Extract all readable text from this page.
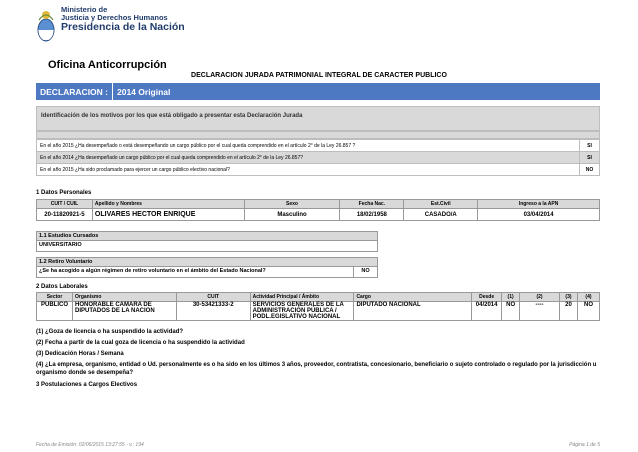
Ministerio de
Justicia y Derechos Humanos
Presidencia de la Nación
Oficina Anticorrupción
DECLARACION JURADA PATRIMONIAL INTEGRAL DE CARACTER PUBLICO
DECLARACION :	2014 Original
Identificación de los motivos por los que está obligado a presentar esta Declaración Jurada
En el año 2015 ¿Ha desempeñado o está desempeñando un cargo público por el cual queda comprendido en el artículo 2° de la Ley 26.857 ?	SI
En el año 2014 ¿Ha desempeñado un cargo público por el cual queda comprendido en el artículo 2° de la Ley 26.857?	SI
En el año 2015 ¿Ha sido proclamado para ejercer un cargo público electivo nacional?	NO
1 Datos Personales
CUIT / CUIL	Apellido y Nombres	Sexo	Fecha Nac.	Est.Civil	Ingreso a la APN
20-11820921-5	OLIVARES HECTOR ENRIQUE	Masculino	18/02/1958	CASADO/A	03/04/2014
1.1 Estudios Cursados
UNIVERSITARIO
1.2 Retiro Voluntario
¿Se ha acogido a algún régimen de retiro voluntario en el ámbito del Estado Nacional?	NO
2 Datos Laborales
Sector	Organismo	CUIT	Actividad Principal / Ámbito	Cargo	Desde	(1)	(2)	(3)	(4)
PUBLICO	HONORABLE CAMARA DE DIPUTADOS DE LA NACION	30-53421333-2	SERVICIOS GENERALES DE LA ADMINISTRACIÓN PÚBLICA / PODL.EGISLATIVO NACIONAL	DIPUTADO NACIONAL	04/2014	NO	----	20	NO
(1) ¿Goza de licencia o ha suspendido la actividad?
(2) Fecha a partir de la cual goza de licencia o ha suspendido la actividad
(3) Dedicación Horas / Semana
(4) ¿La empresa, organismo, entidad o Ud. personalmente es o ha sido en los últimos 3 años, proveedor, contratista, concesionario, beneficiario o sujeto controlado o regulado por la jurisdicción u organismo donde se desempeña?
3 Postulaciones a Cargos Electivos
Fecha de Emisión: 02/06/2015 13:27:55 - v.: 194	Página 1 de 5
